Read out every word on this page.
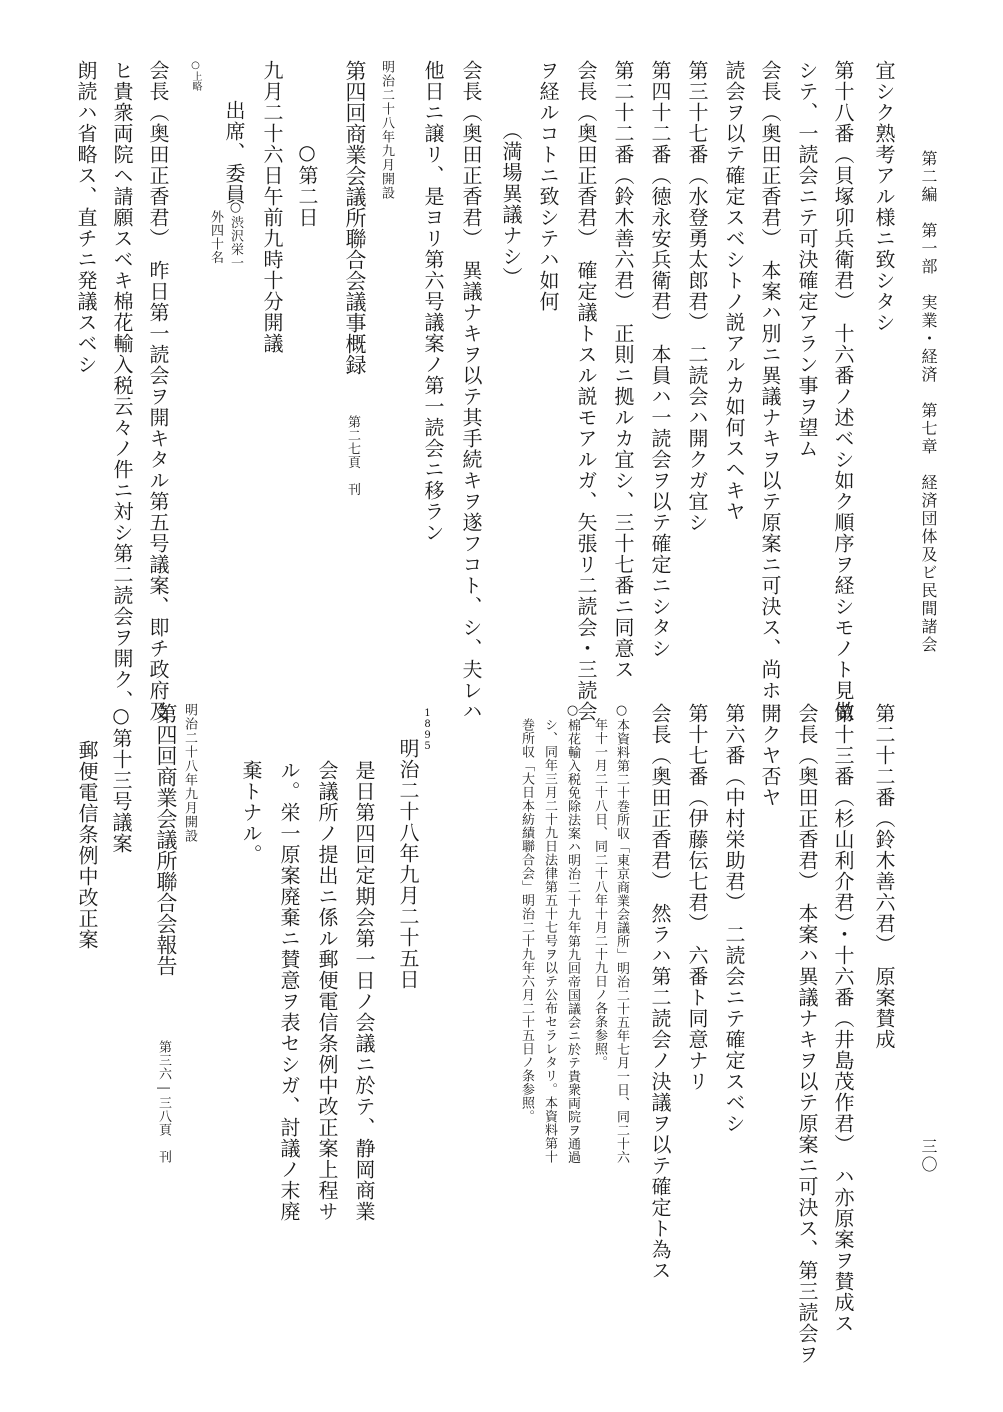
第二編　第一部　実業・経済　第七章　経済団体及ビ民間諸会
三〇
宜シク熟考アル様ニ致シタシ
第十八番（貝塚卯兵衛君）　十六番ノ述ベシ如ク順序ヲ経シモノト見做
シテ、一読会ニテ可決確定アラン事ヲ望ム
会長（奥田正香君）　本案ハ別ニ異議ナキヲ以テ原案ニ可決ス、尚ホ一
読会ヲ以テ確定スベシトノ説アルカ如何スヘキヤ
第三十七番（水登勇太郎君）　二読会ハ開クガ宜シ
第四十二番（徳永安兵衛君）　本員ハ一読会ヲ以テ確定ニシタシ
第二十二番（鈴木善六君）　正則ニ拠ルカ宜シ、三十七番ニ同意ス
会長（奥田正香君）　確定議トスル説モアルガ、矢張リ二読会・三読会
ヲ経ルコトニ致シテハ如何
（満場異議ナシ）
会長（奥田正香君）　異議ナキヲ以テ其手続キヲ遂フコト、シ、夫レハ
他日ニ譲リ、是ヨリ第六号議案ノ第一読会ニ移ラン
明治二十八年九月開設
第四回商業会議所聯合会議事概録
第二七頁　刊
○第二日
九月二十六日午前九時十分開議
出席、委員
○渋沢栄一
外四十名
○上略
会長（奥田正香君）　昨日第一読会ヲ開キタル第五号議案、即チ政府及
ヒ貴衆両院ヘ請願スベキ棉花輸入税云々ノ件ニ対シ第二読会ヲ開ク、
朗読ハ省略ス、直チニ発議スベシ
第二十二番（鈴木善六君）　原案賛成
第十三番（杉山利介君）・十六番（井島茂作君）　ハ亦原案ヲ賛成ス
会長（奥田正香君）　本案ハ異議ナキヲ以テ原案ニ可決ス、第三読会ヲ
開クヤ否ヤ
第六番（中村栄助君）　二読会ニテ確定スベシ
第十七番（伊藤伝七君）　六番ト同意ナリ
会長（奥田正香君）　然ラハ第二読会ノ決議ヲ以テ確定ト為ス
○本資料第二十巻所収「東京商業会議所」明治二十五年七月一日、同二十六
年十一月二十八日、同二十八年十月二十九日ノ各条参照。
○棉花輸入税免除法案ハ明治二十九年第九回帝国議会ニ於テ貴衆両院ヲ通過
シ、同年三月二十九日法律第五十七号ヲ以テ公布セラレタリ。本資料第十
巻所収「大日本紡績聯合会」明治二十九年六月二十五日ノ条参照。
1895
明治二十八年九月二十五日
是日第四回定期会第一日ノ会議ニ於テ、静岡商業
会議所ノ提出ニ係ル郵便電信条例中改正案上程サ
ル。栄一原案廃棄ニ賛意ヲ表セシガ、討議ノ末廃
棄トナル。
明治二十八年九月開設
第四回商業会議所聯合会報告
第三六―三八頁　刊
○第十三号議案
郵便電信条例中改正案
